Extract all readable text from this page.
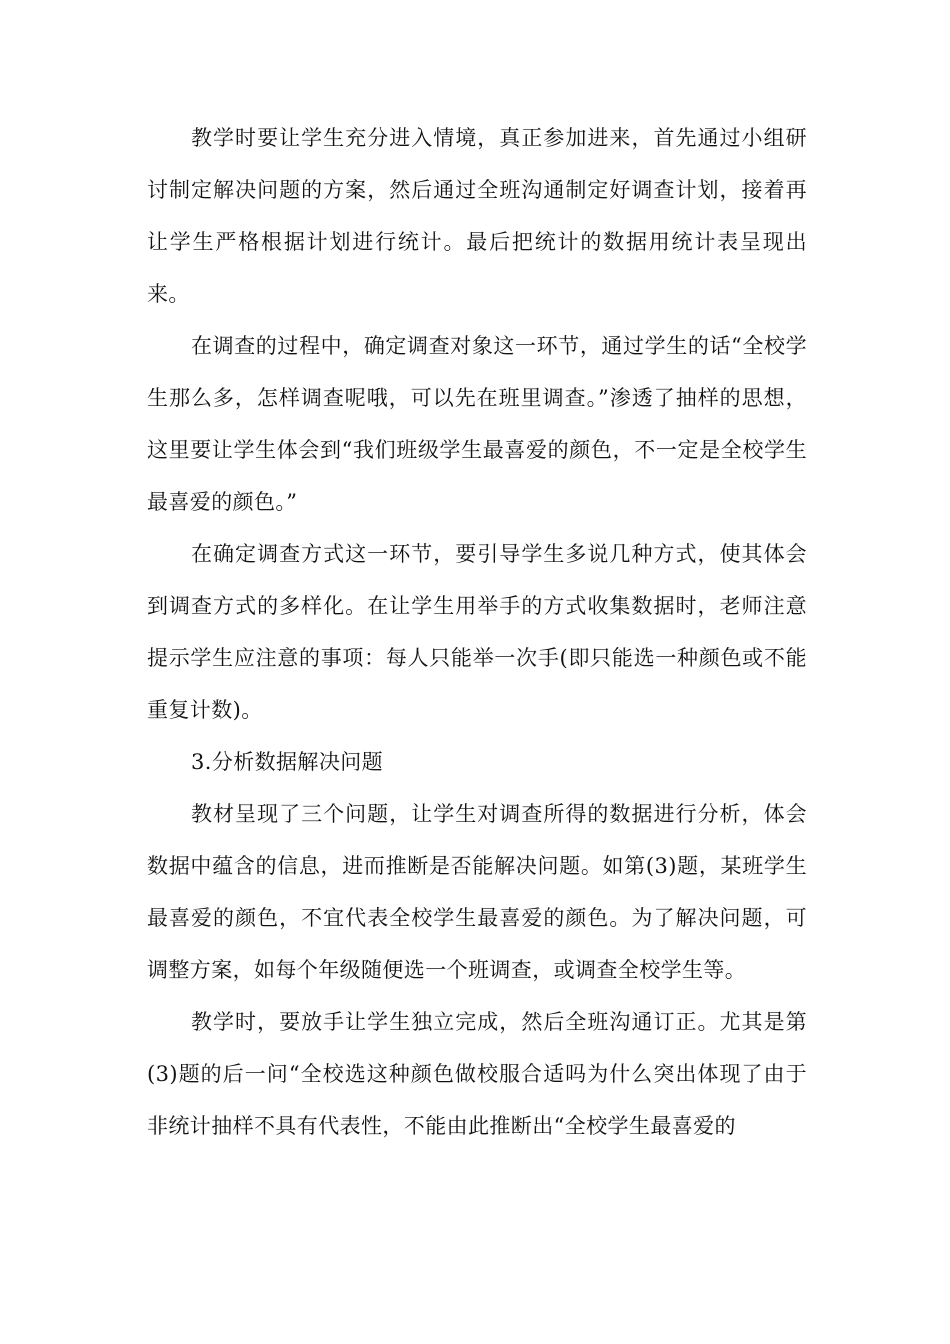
教学时要让学生充分进入情境，真正参加进来，首先通过小组研讨制定解决问题的方案，然后通过全班沟通制定好调查计划，接着再让学生严格根据计划进行统计。最后把统计的数据用统计表呈现出来。

在调查的过程中，确定调查对象这一环节，通过学生的话“全校学生那么多，怎样调查呢哦，可以先在班里调查。”渗透了抽样的思想，这里要让学生体会到“我们班级学生最喜爱的颜色，不一定是全校学生最喜爱的颜色。”

在确定调查方式这一环节，要引导学生多说几种方式，使其体会到调查方式的多样化。在让学生用举手的方式收集数据时，老师注意提示学生应注意的事项：每人只能举一次手(即只能选一种颜色或不能重复计数)。

3.分析数据解决问题

教材呈现了三个问题，让学生对调查所得的数据进行分析，体会数据中蕴含的信息，进而推断是否能解决问题。如第(3)题，某班学生最喜爱的颜色，不宜代表全校学生最喜爱的颜色。为了解决问题，可调整方案，如每个年级随便选一个班调查，或调查全校学生等。

教学时，要放手让学生独立完成，然后全班沟通订正。尤其是第(3)题的后一问“全校选这种颜色做校服合适吗为什么突出体现了由于非统计抽样不具有代表性，不能由此推断出“全校学生最喜爱的
